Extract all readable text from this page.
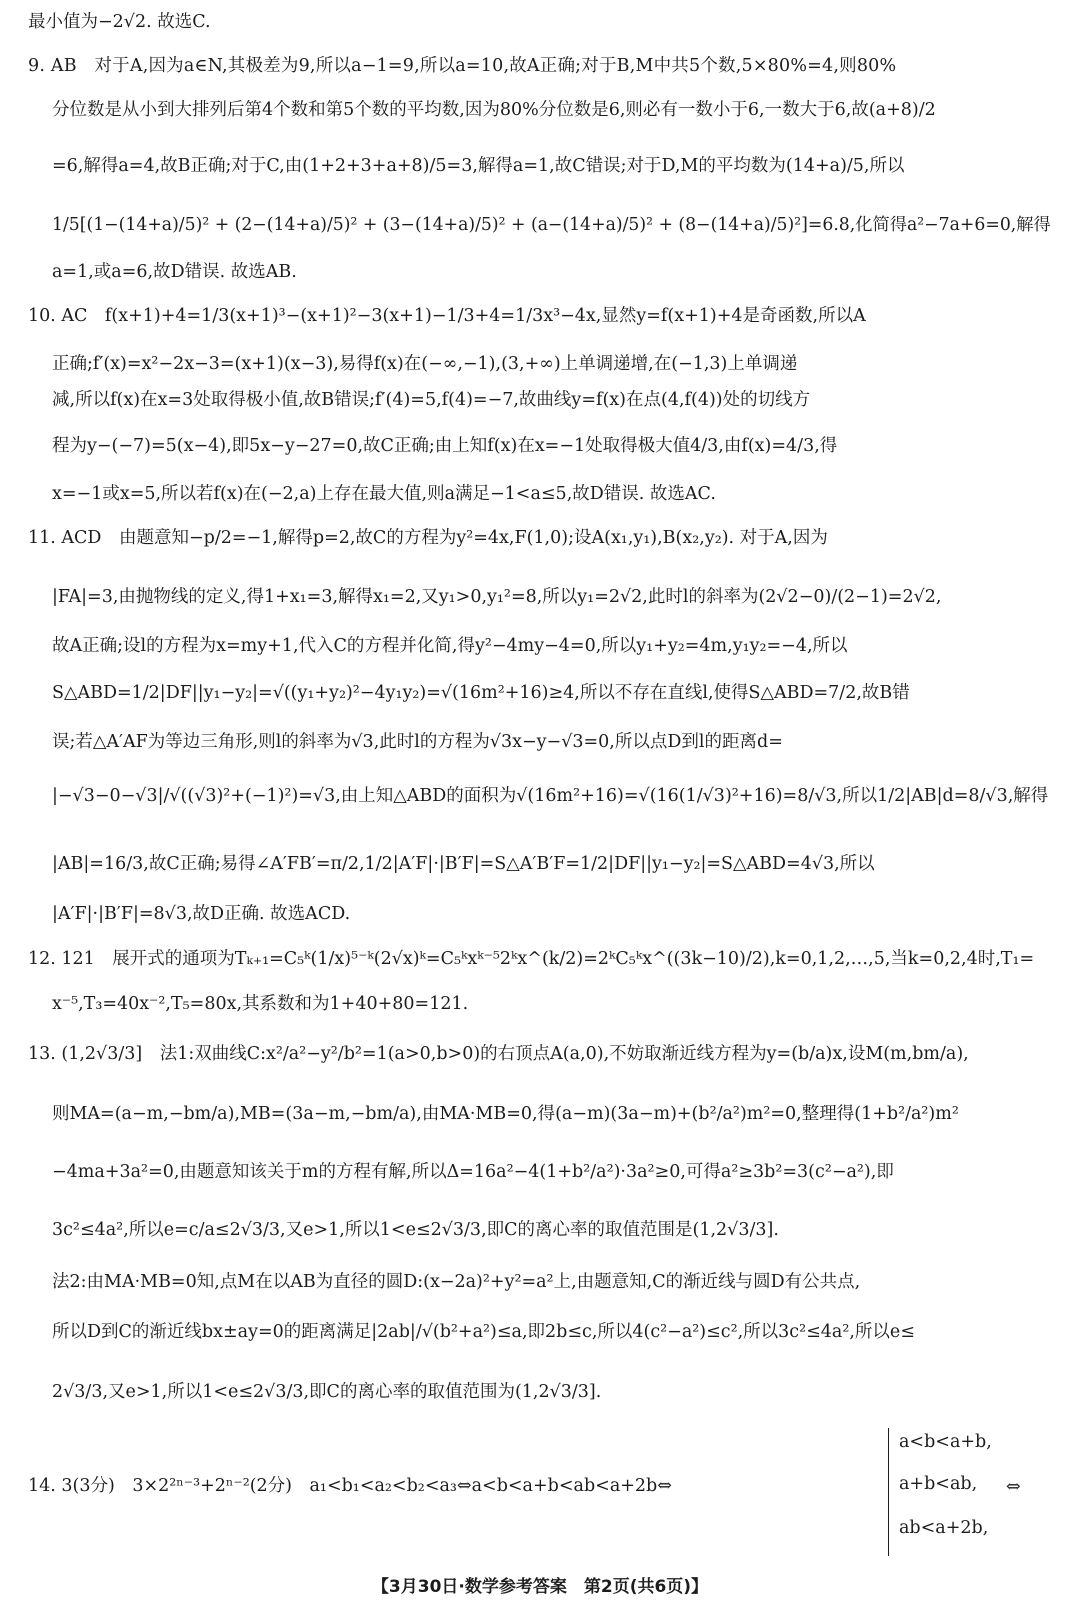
最小值为−2√2. 故选C.
9. AB　对于A,因为a∈N,其极差为9,所以a−1=9,所以a=10,故A正确;对于B,M中共5个数,5×80%=4,则80%
分位数是从小到大排列后第4个数和第5个数的平均数,因为80%分位数是6,则必有一数小于6,一数大于6,故(a+8)/2
=6,解得a=4,故B正确;对于C,由(1+2+3+a+8)/5=3,解得a=1,故C错误;对于D,M的平均数为(14+a)/5,所以
1/5[(1−(14+a)/5)² + (2−(14+a)/5)² + (3−(14+a)/5)² + (a−(14+a)/5)² + (8−(14+a)/5)²]=6.8,化简得a²−7a+6=0,解得
a=1,或a=6,故D错误. 故选AB.
10. AC　f(x+1)+4=1/3(x+1)³−(x+1)²−3(x+1)−1/3+4=1/3x³−4x,显然y=f(x+1)+4是奇函数,所以A
正确;f′(x)=x²−2x−3=(x+1)(x−3),易得f(x)在(−∞,−1),(3,+∞)上单调递增,在(−1,3)上单调递
减,所以f(x)在x=3处取得极小值,故B错误;f′(4)=5,f(4)=−7,故曲线y=f(x)在点(4,f(4))处的切线方
程为y−(−7)=5(x−4),即5x−y−27=0,故C正确;由上知f(x)在x=−1处取得极大值4/3,由f(x)=4/3,得
x=−1或x=5,所以若f(x)在(−2,a)上存在最大值,则a满足−1<a≤5,故D错误. 故选AC.
11. ACD　由题意知−p/2=−1,解得p=2,故C的方程为y²=4x,F(1,0);设A(x₁,y₁),B(x₂,y₂). 对于A,因为
|FA|=3,由抛物线的定义,得1+x₁=3,解得x₁=2,又y₁>0,y₁²=8,所以y₁=2√2,此时l的斜率为(2√2−0)/(2−1)=2√2,
故A正确;设l的方程为x=my+1,代入C的方程并化简,得y²−4my−4=0,所以y₁+y₂=4m,y₁y₂=−4,所以
S△ABD=1/2|DF||y₁−y₂|=√((y₁+y₂)²−4y₁y₂)=√(16m²+16)≥4,所以不存在直线l,使得S△ABD=7/2,故B错
误;若△A′AF为等边三角形,则l的斜率为√3,此时l的方程为√3x−y−√3=0,所以点D到l的距离d=
|−√3−0−√3|/√((√3)²+(−1)²)=√3,由上知△ABD的面积为√(16m²+16)=√(16(1/√3)²+16)=8/√3,所以1/2|AB|d=8/√3,解得
|AB|=16/3,故C正确;易得∠A′FB′=π/2,1/2|A′F|·|B′F|=S△A′B′F=1/2|DF||y₁−y₂|=S△ABD=4√3,所以
|A′F|·|B′F|=8√3,故D正确. 故选ACD.
12. 121　展开式的通项为Tₖ₊₁=C₅ᵏ(1/x)⁵⁻ᵏ(2√x)ᵏ=C₅ᵏxᵏ⁻⁵2ᵏx^(k/2)=2ᵏC₅ᵏx^((3k−10)/2),k=0,1,2,…,5,当k=0,2,4时,T₁=
x⁻⁵,T₃=40x⁻²,T₅=80x,其系数和为1+40+80=121.
13. (1,2√3/3]　法1:双曲线C:x²/a²−y²/b²=1(a>0,b>0)的右顶点A(a,0),不妨取渐近线方程为y=(b/a)x,设M(m,bm/a),
则MA=(a−m,−bm/a),MB=(3a−m,−bm/a),由MA·MB=0,得(a−m)(3a−m)+(b²/a²)m²=0,整理得(1+b²/a²)m²
−4ma+3a²=0,由题意知该关于m的方程有解,所以Δ=16a²−4(1+b²/a²)·3a²≥0,可得a²≥3b²=3(c²−a²),即
3c²≤4a²,所以e=c/a≤2√3/3,又e>1,所以1<e≤2√3/3,即C的离心率的取值范围是(1,2√3/3].
法2:由MA·MB=0知,点M在以AB为直径的圆D:(x−2a)²+y²=a²上,由题意知,C的渐近线与圆D有公共点,
所以D到C的渐近线bx±ay=0的距离满足|2ab|/√(b²+a²)≤a,即2b≤c,所以4(c²−a²)≤c²,所以3c²≤4a²,所以e≤
2√3/3,又e>1,所以1<e≤2√3/3,即C的离心率的取值范围为(1,2√3/3].
14. 3(3分)　3×2²ⁿ⁻³+2ⁿ⁻²(2分)　a₁<b₁<a₂<b₂<a₃⇔a<b<a+b<ab<a+2b⇔
a<b<a+b,
a+b<ab,
ab<a+2b,
⇔
【3月30日·数学参考答案　第2页(共6页)】
